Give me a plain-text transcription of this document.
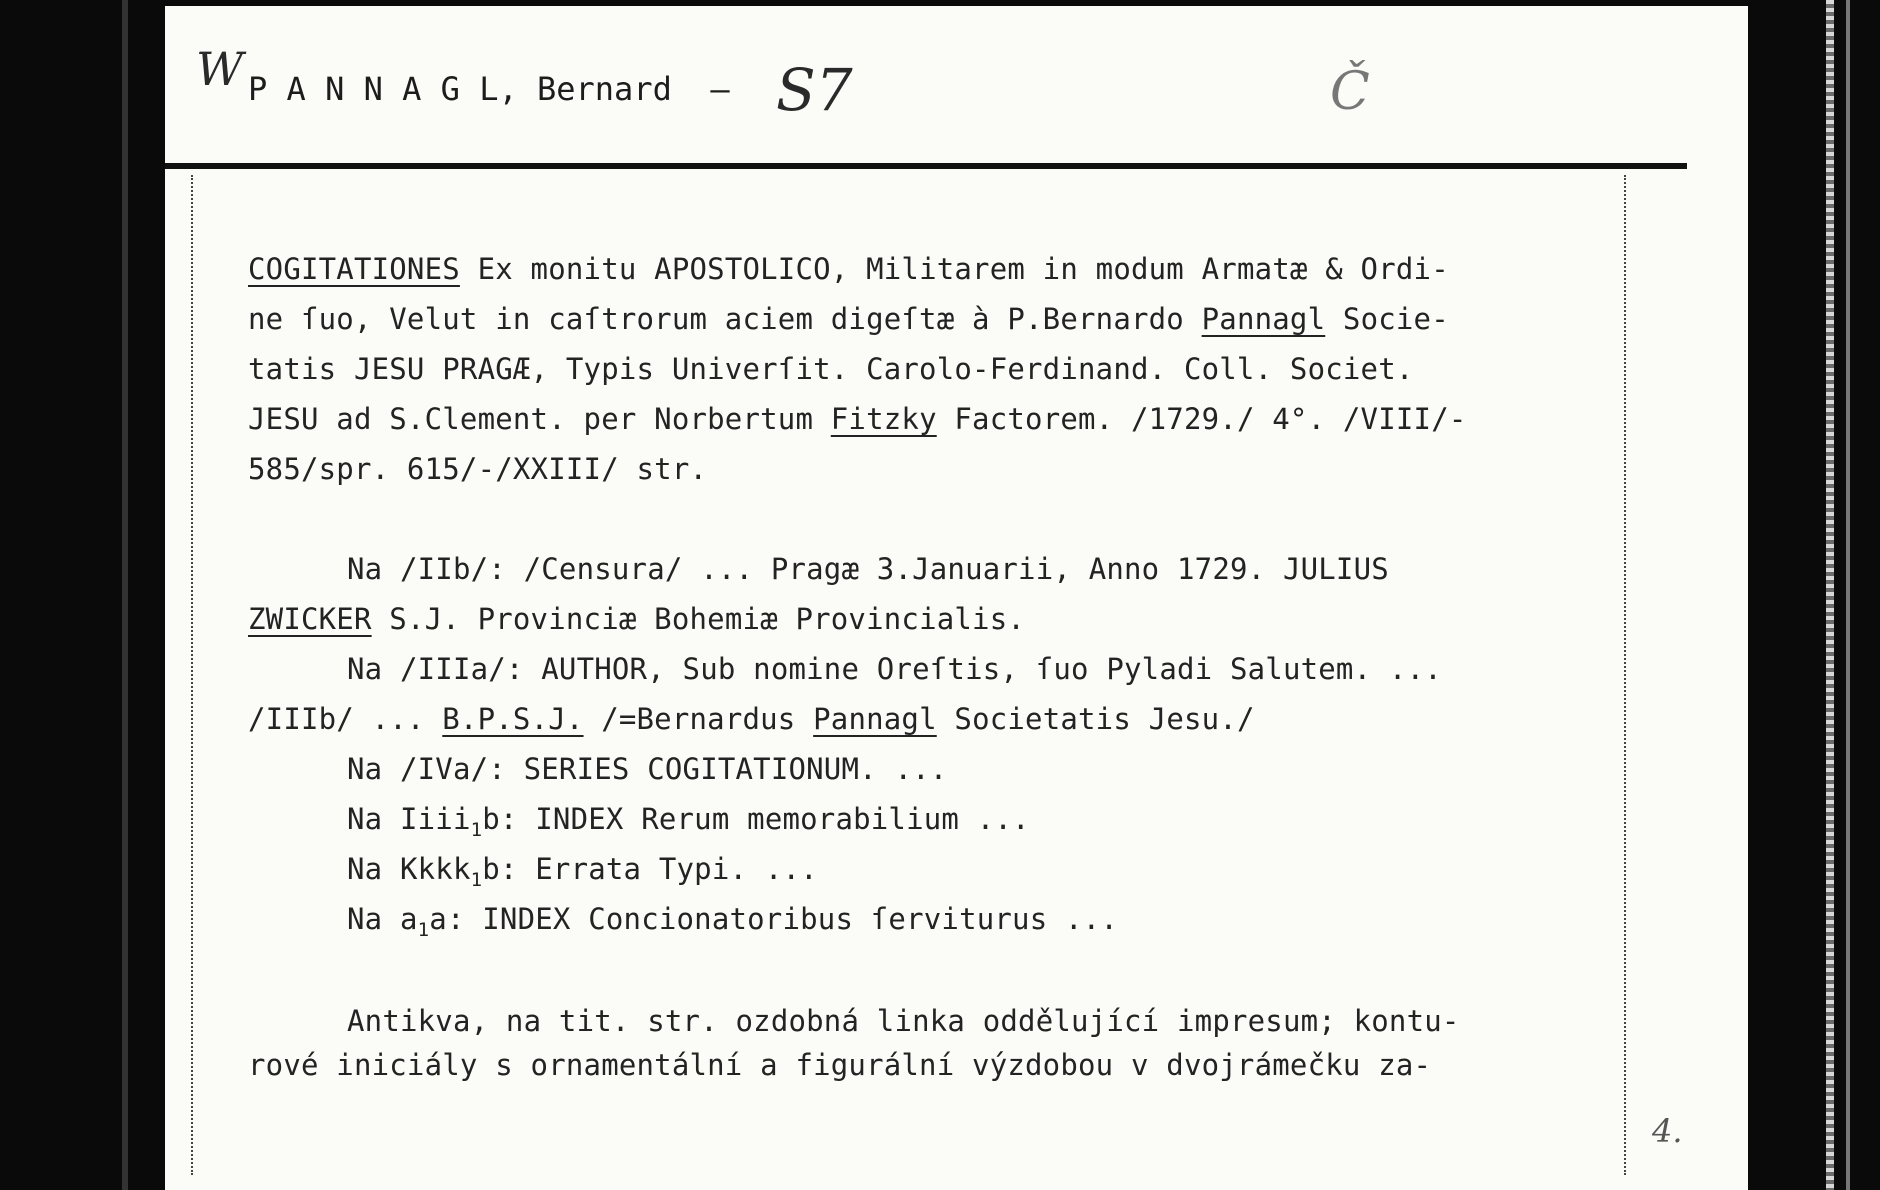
W P A N N A G L, Bernard – S7	Č
COGITATIONES Ex monitu APOSTOLICO, Militarem in modum Armatæ & Ordi-
ne ſuo, Velut in caſtrorum aciem digeſtæ à P.Bernardo Pannagl Socie-
tatis JESU PRAGÆ, Typis Univerſit. Carolo-Ferdinand. Coll. Societ.
JESU ad S.Clement. per Norbertum Fitzky Factorem. /1729./ 4°. /VIII/-
585/spr. 615/-/XXIII/ str.
Na /IIb/: /Censura/ ... Pragæ 3.Januarii, Anno 1729. JULIUS
ZWICKER S.J. Provinciæ Bohemiæ Provincialis.
Na /IIIa/: AUTHOR, Sub nomine Oreſtis, ſuo Pyladi Salutem. ...
/IIIb/ ... B.P.S.J. /=Bernardus Pannagl Societatis Jesu./
Na /IVa/: SERIES COGITATIONUM. ...
Na Iiii$_1$b: INDEX Rerum memorabilium ...
Na Kkkk$_1$b: Errata Typi. ...
Na $a_1a$: INDEX Concionatoribus ſerviturus ...
Antikva, na tit. str. ozdobná linka oddělující impresum; kontu-
rové iniciály s ornamentální a figurální výzdobou v dvojrámečku za-
4.
